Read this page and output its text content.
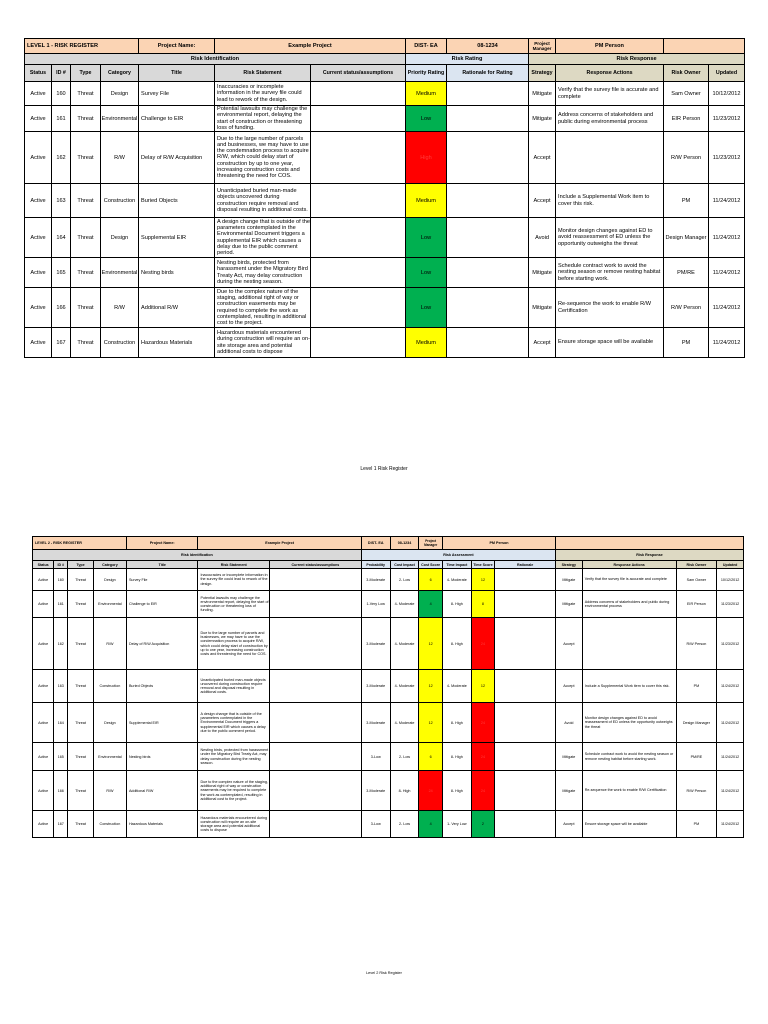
LEVEL 1 - RISK REGISTER				Project Name:	Example Project		DIST- EA	08-1234	Project Manager	PM Person		
Risk Identification							Risk Rating		Risk Response			
Status	ID #	Type	Category	Title	Risk Statement	Current status/assumptions	Priority Rating	Rationale for Rating	Strategy	Response Actions	Risk Owner	Updated
Active	160	Threat	Design	Survey File	Inaccuracies or incomplete information in the survey file could lead to rework of the design.		Medium		Mitigate	Verify that the survey file is accurate and complete	Sam Owner	10/12/2012
Active	161	Threat	Environmental	Challenge to EIR	Potential lawsuits may challenge the environmental report, delaying the start of construction or threatening loss of funding.		Low		Mitigate	Address concerns of stakeholders and public during environmental process	EIR Person	11/23/2012
Active	162	Threat	R/W	Delay of R/W Acquisition	Due to the large number of parcels and businesses, we may have to use the condemnation process to acquire R/W, which could delay start of construction by up to one year, increasing construction costs and threatening the need for COS.		High		Accept		R/W Person	11/23/2012
Active	163	Threat	Construction	Buried Objects	Unanticipated buried man-made objects uncovered during construction require removal and disposal resulting in additional costs.		Medium		Accept	Include a Supplemental Work item to cover this risk.	PM	11/24/2012
Active	164	Threat	Design	Supplemental EIR	A design change that is outside of the parameters contemplated in the Environmental Document triggers a supplemental EIR which causes a delay due to the public comment period.		Low		Avoid	Monitor design changes against ED to avoid reassessment of ED unless the opportunity outweighs the threat	Design Manager	11/24/2012
Active	165	Threat	Environmental	Nesting birds	Nesting birds, protected from harassment under the Migratory Bird Treaty Act, may delay construction during the nesting season.		Low		Mitigate	Schedule contract work to avoid the nesting season or remove nesting habitat before starting work.	PM/RE	11/24/2012
Active	166	Threat	R/W	Additional R/W	Due to the complex nature of the staging, additional right of way or construction easements may be required to complete the work as contemplated, resulting in additional cost to the project.		Low		Mitigate	Re-sequence the work to enable R/W Certification	R/W Person	11/24/2012
Active	167	Threat	Construction	Hazardous Materials	Hazardous materials encountered during construction will require an on-site storage area and potential additional costs to dispose		Medium		Accept	Ensure storage space will be available	PM	11/24/2012
Level 1 Risk Register
LEVEL 2 - RISK REGISTER				Project Name:	Example Project		DIST- EA	08-1234	Project Manager	PM Person						
Risk Identification							Risk Assessment						Risk Response			
Status	ID #	Type	Category	Title	Risk Statement	Current status/assumptions	Probability	Cost Impact	Cost Score	Time Impact	Time Score	Rationale	Strategy	Response Actions	Risk Owner	Updated
Active	160	Threat	Design	Survey File	Inaccuracies or incomplete information in the survey file could lead to rework of the design.		3-Moderate	2- Low	6	4- Moderate	12		Mitigate	Verify that the survey file is accurate and complete	Sam Owner	10/12/2012
Active	161	Threat	Environmental	Challenge to EIR	Potential lawsuits may challenge the environmental report, delaying the start of construction or threatening loss of funding.		1-Very Low	4- Moderate	4	8- High	8		Mitigate	Address concerns of stakeholders and public during environmental process	EIR Person	11/23/2012
Active	162	Threat	R/W	Delay of R/W Acquisition	Due to the large number of parcels and businesses, we may have to use the condemnation process to acquire R/W, which could delay start of construction by up to one year, increasing construction costs and threatening the need for COS.		3-Moderate	4- Moderate	12	8- High	24		Accept		R/W Person	11/23/2012
Active	163	Threat	Construction	Buried Objects	Unanticipated buried man-made objects uncovered during construction require removal and disposal resulting in additional costs.		3-Moderate	4- Moderate	12	4- Moderate	12		Accept	Include a Supplemental Work item to cover this risk.	PM	11/24/2012
Active	164	Threat	Design	Supplemental EIR	A design change that is outside of the parameters contemplated in the Environmental Document triggers a supplemental EIR which causes a delay due to the public comment period.		3-Moderate	4- Moderate	12	8- High	24		Avoid	Monitor design changes against ED to avoid reassessment of ED unless the opportunity outweighs the threat	Design Manager	11/24/2012
Active	165	Threat	Environmental	Nesting birds	Nesting birds, protected from harassment under the Migratory Bird Treaty Act, may delay construction during the nesting season.		3-Low	2- Low	6	8- High	24		Mitigate	Schedule contract work to avoid the nesting season or remove nesting habitat before starting work.	PM/RE	11/24/2012
Active	166	Threat	R/W	Additional R/W	Due to the complex nature of the staging, additional right of way or construction easements may be required to complete the work as contemplated, resulting in additional cost to the project.		3-Moderate	8- High	24	8- High	24		Mitigate	Re-sequence the work to enable R/W Certification	R/W Person	11/24/2012
Active	167	Threat	Construction	Hazardous Materials	Hazardous materials encountered during construction will require an on-site storage area and potential additional costs to dispose		3-Low	2- Low	4	1- Very Low	2		Accept	Ensure storage space will be available	PM	11/24/2012
Level 2 Risk Register
